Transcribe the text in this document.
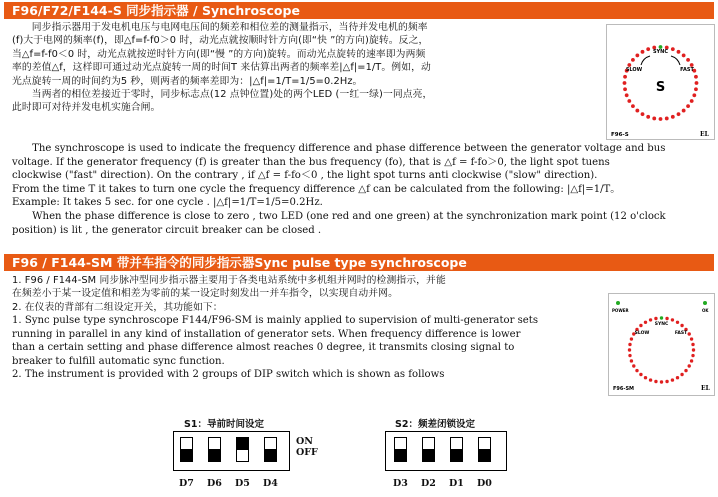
F96/F72/F144-S 同步指示器 / Synchroscope
　　同步指示器用于发电机电压与电网电压间的频差和相位差的测量指示，当待并发电机的频率
(f)大于电网的频率(f)，即△f=f-f0＞0 时，动光点就按顺时针方向(即“快 ”的方向)旋转。反之，
当△f=f-f0＜0 时，动光点就按逆时针方向(即“慢 ”的方向)旋转。而动光点旋转的速率即为两频
率的差值△f，这样即可通过动光点旋转一周的时间T 来估算出两者的频率差|△f|=1/T。例如，动
光点旋转一周的时间约为5 秒，则两者的频率差即为：|△f|=1/T=1/5=0.2Hz。
　　当两者的相位差接近于零时，同步标志点(12 点钟位置)处的两个LED (一红一绿)一同点亮，
此时即可对待并发电机实施合闸。
SYNC
SLOW	FAST
S
F96-S	EL
　　The synchroscope is used to indicate the frequency difference and phase difference between the generator voltage and bus
voltage. If the generator frequency (f) is greater than the bus frequency (fo), that is △f = f-fo＞0, the light spot tuens
clockwise ("fast" direction). On the contrary , if △f = f-fo＜0 , the light spot turns anti clockwise ("slow" direction).
From the time T it takes to turn one cycle the frequency difference △f can be calculated from the following: |△f|=1/T。
Example: It takes 5 sec. for one cycle . |△f|=1/T=1/5=0.2Hz.
　　When the phase difference is close to zero , two LED (one red and one green) at the synchronization mark point (12 o'clock
position) is lit , the generator circuit breaker can be closed .
F96 / F144-SM 带并车指令的同步指示器Sync pulse type synchroscope
1. F96 / F144-SM 同步脉冲型同步指示器主要用于各类电站系统中多机组并网时的检测指示，并能
在频差小于某一设定值和相差为零前的某一设定时刻发出一并车指令，以实现自动并网。
2. 在仪表的背部有二组设定开关，其功能如下：
1. Sync pulse type synchroscope F144/F96-SM is mainly applied to supervision of multi-generator sets
running in parallel in any kind of installation of generator sets. When frequency difference is lower
than a certain setting and phase difference almost reaches 0 degree, it transmits closing signal to
breaker to fulfill automatic sync function.
2. The instrument is provided with 2 groups of DIP switch which is shown as follows
POWER	OK
SYNC
SLOW	FAST
F96-SM	EL
S1：导前时间设定
ON
OFF
D7 D6 D5 D4
S2：频差闭锁设定
D3 D2 D1 D0
